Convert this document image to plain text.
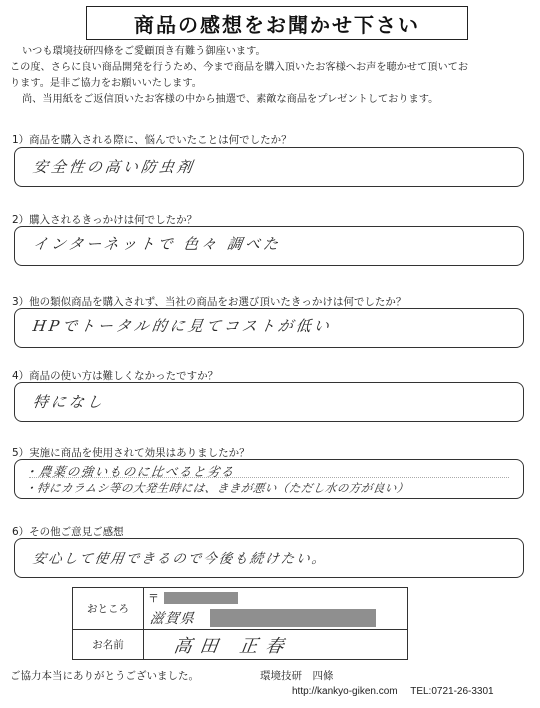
商品の感想をお聞かせ下さい
いつも環境技研四條をご愛顧頂き有難う御座います。
この度、さらに良い商品開発を行うため、今まで商品を購入頂いたお客様へお声を聴かせて頂いてお
ります。是非ご協力をお願いいたします。
尚、当用紙をご返信頂いたお客様の中から抽選で、素敵な商品をプレゼントしております。
1）商品を購入される際に、悩んでいたことは何でしたか？
安全性の高い防虫剤
2）購入されるきっかけは何でしたか？
インターネットで 色々 調べた
3）他の類似商品を購入されず、当社の商品をお選び頂いたきっかけは何でしたか？
HPでトータル的に見てコストが低い
4）商品の使い方は難しくなかったですか？
特になし
5）実施に商品を使用されて効果はありましたか？
・農薬の強いものに比べると劣る
・特にカラムシ等の大発生時には、ききが悪い（ただし水の方が良い）
6）その他ご意見ご感想
安心して使用できるので今後も続けたい。
おところ	〒
滋賀県

お名前	高田 正春
ご協力本当にありがとうございました。	環境技研　四條
http://kankyo-giken.com TEL:0721-26-3301
